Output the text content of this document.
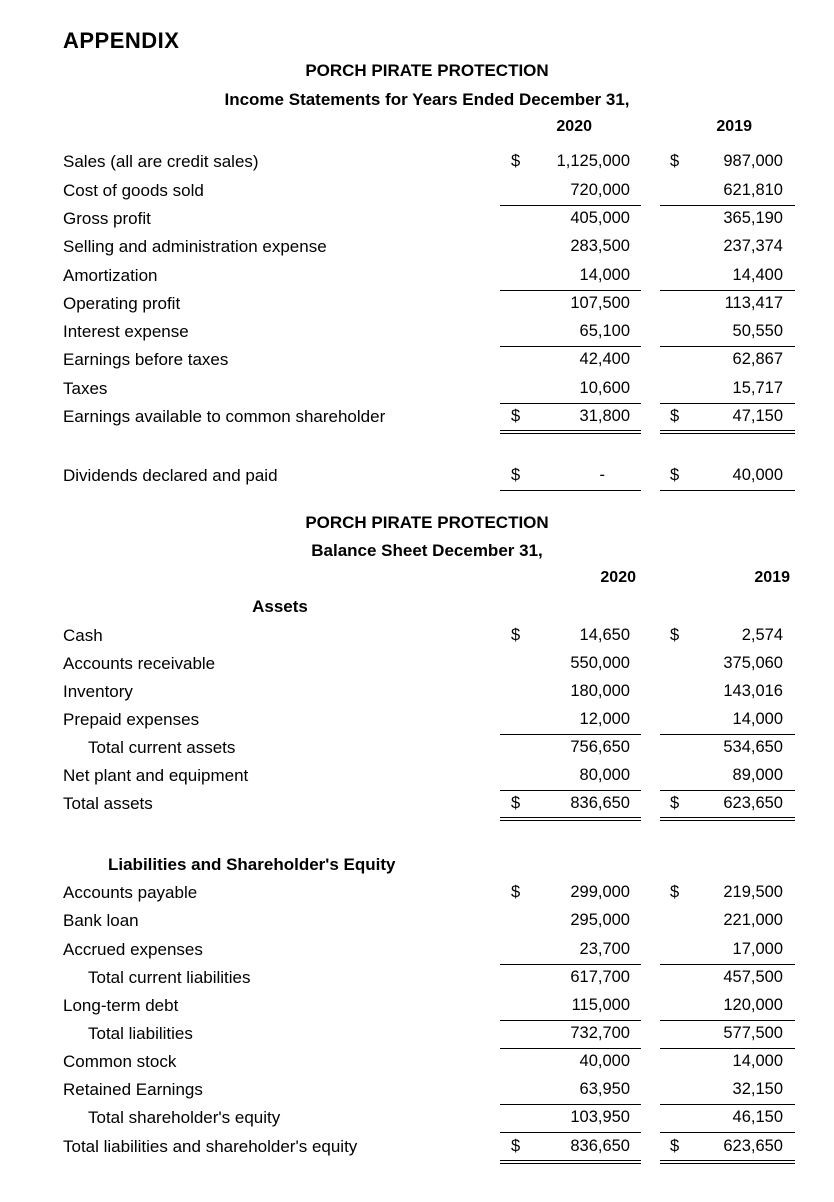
APPENDIX
PORCH PIRATE PROTECTION
Income Statements for Years Ended December 31,
2020	2019
Sales (all are credit sales)	$	1,125,000 $	987,000
Cost of goods sold	720,000	621,810
Gross profit	405,000	365,190
Selling and administration expense	283,500	237,374
Amortization	14,000	14,400
Operating profit	107,500	113,417
Interest expense	65,100	50,550
Earnings before taxes	42,400	62,867
Taxes	10,600	15,717
Earnings available to common shareholder	$	31,800 $	47,150
Dividends declared and paid	$	-	$	40,000
PORCH PIRATE PROTECTION
Balance Sheet December 31,
2020	2019
Assets
Cash	$	14,650 $	2,574
Accounts receivable	550,000	375,060
Inventory	180,000	143,016
Prepaid expenses	12,000	14,000
Total current assets	756,650	534,650
Net plant and equipment	80,000	89,000
Total assets	$	836,650 $	623,650
Liabilities and Shareholder's Equity
Accounts payable	$	299,000 $	219,500
Bank loan	295,000	221,000
Accrued expenses	23,700	17,000
Total current liabilities	617,700	457,500
Long-term debt	115,000	120,000
Total liabilities	732,700	577,500
Common stock	40,000	14,000
Retained Earnings	63,950	32,150
Total shareholder's equity	103,950	46,150
Total liabilities and shareholder's equity	$	836,650 $	623,650
